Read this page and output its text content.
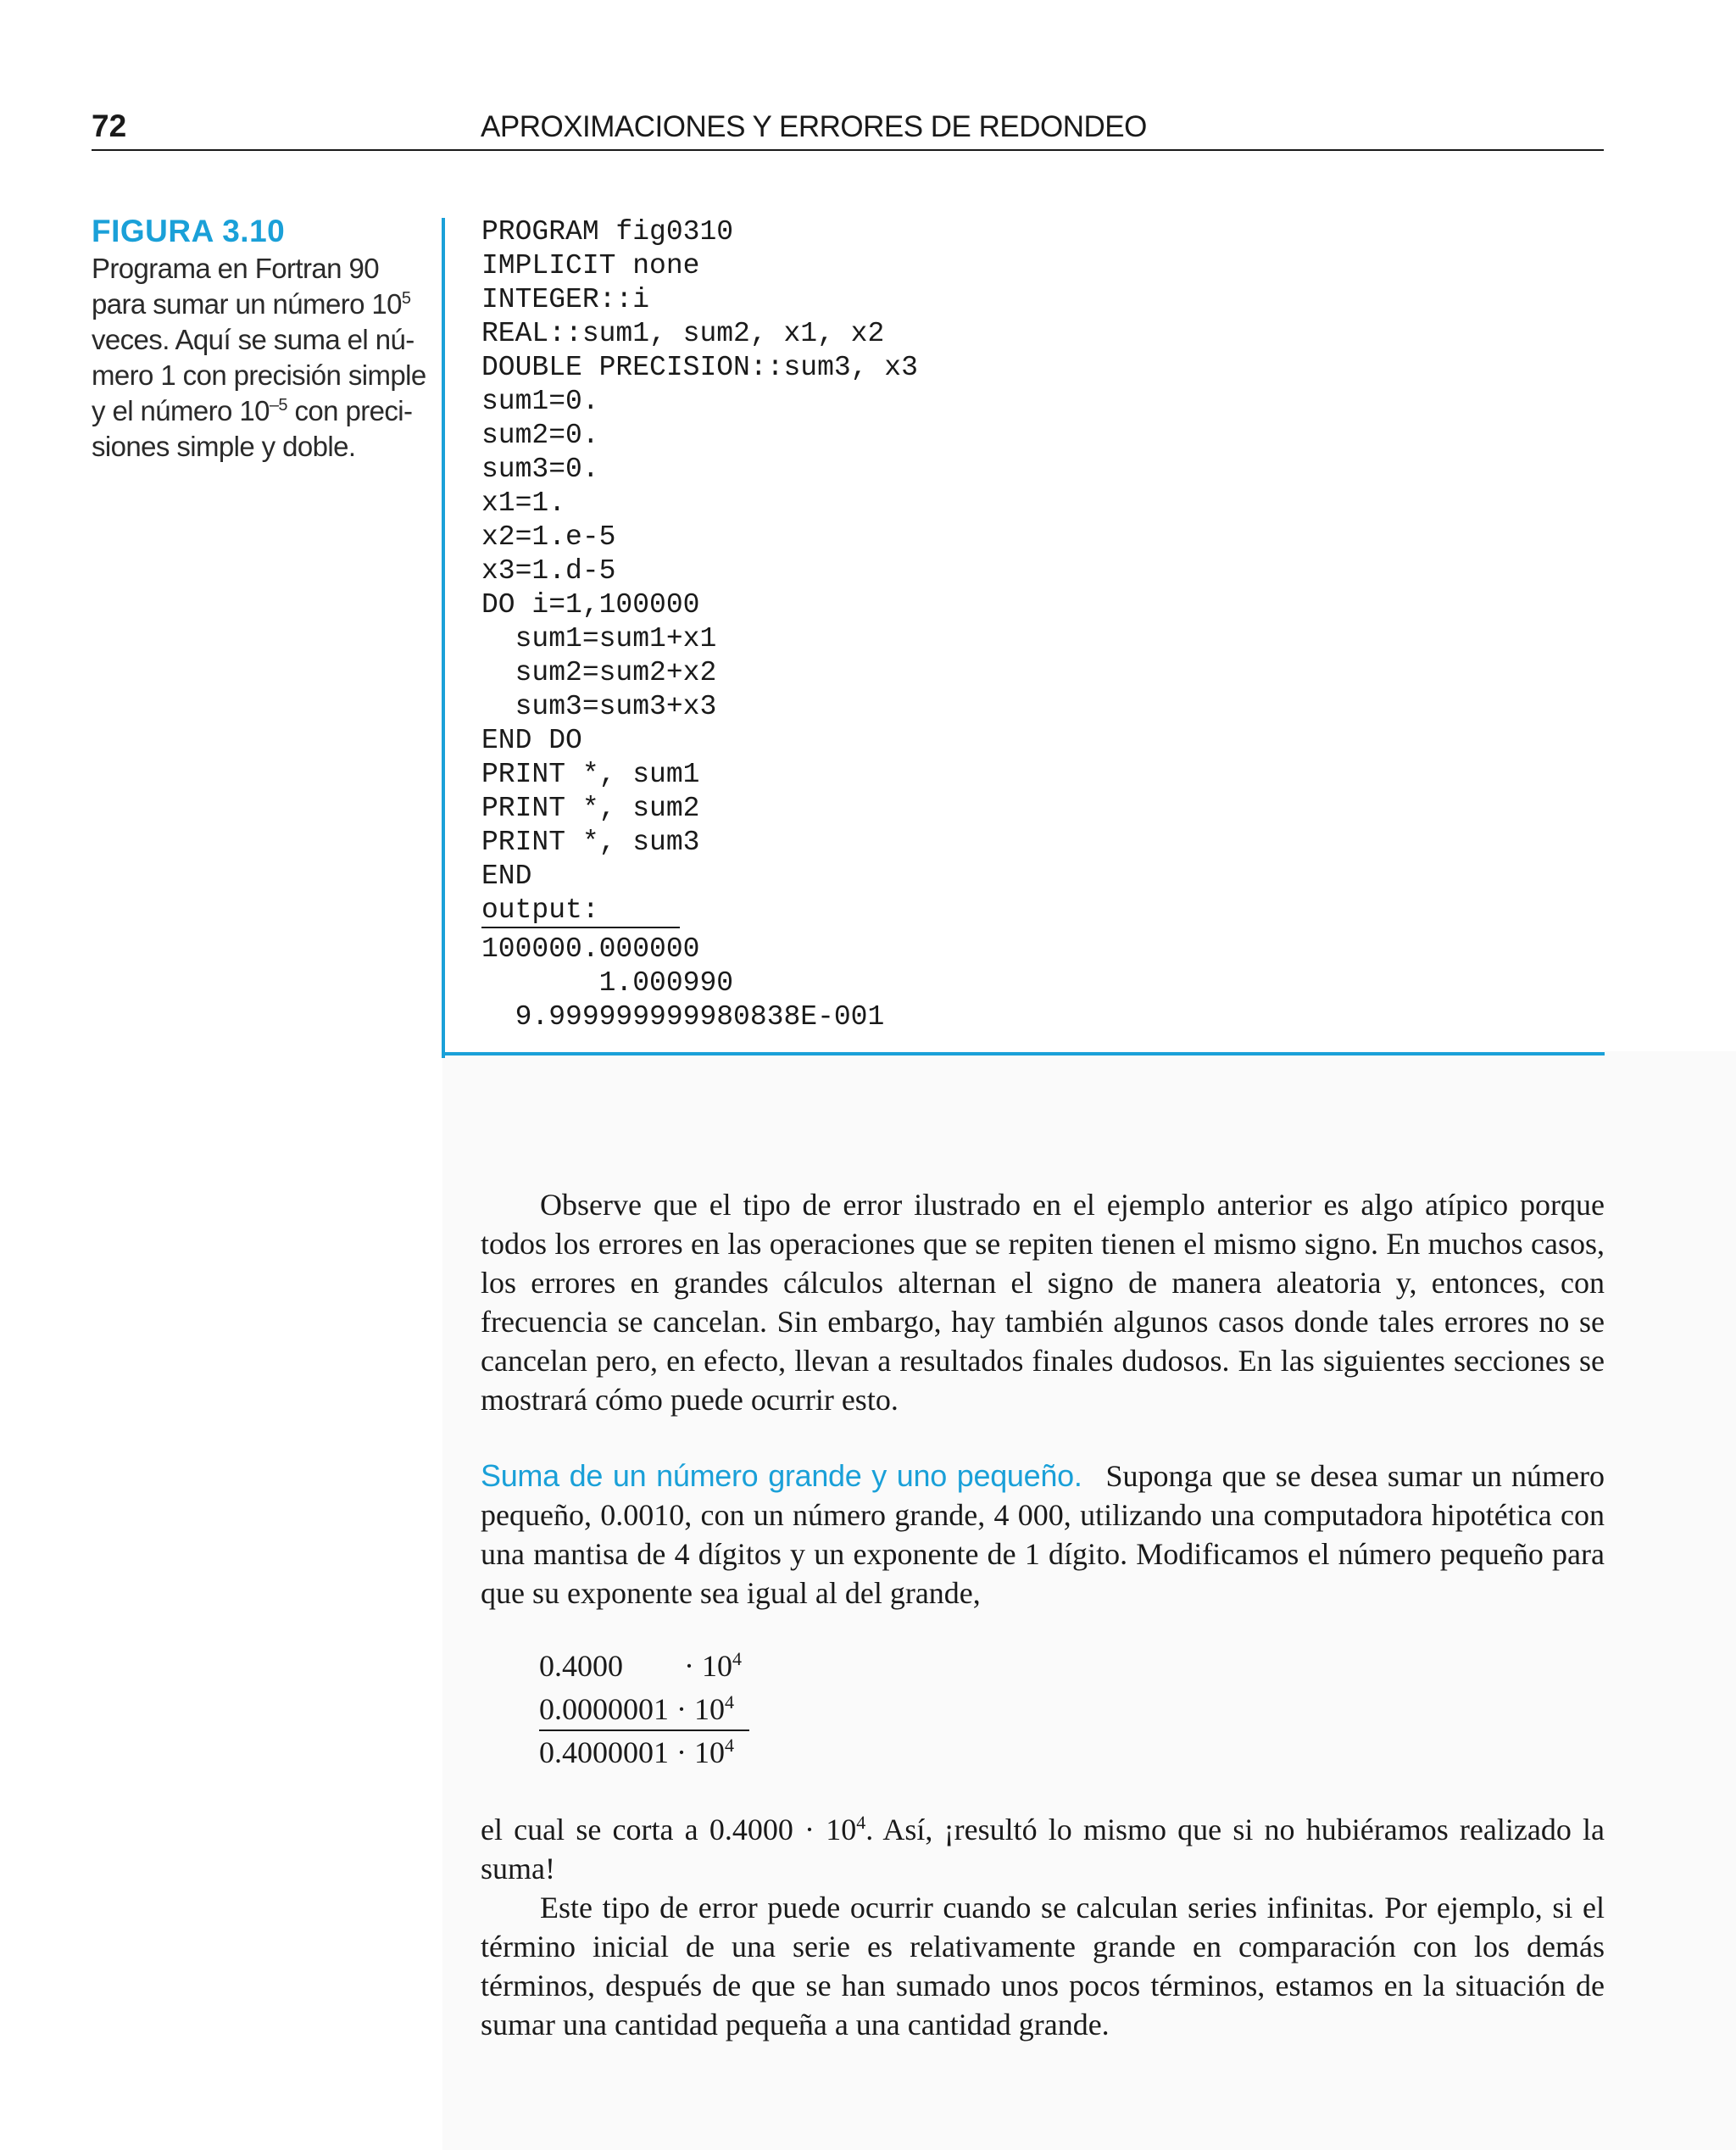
72	APROXIMACIONES Y ERRORES DE REDONDEO
FIGURA 3.10
Programa en Fortran 90
para sumar un número $10^5$
veces. Aquí se suma el nú-
mero 1 con precisión simple
y el número $10^{-5}$ con preci-
siones simple y doble.
PROGRAM fig0310
IMPLICIT none
INTEGER::i
REAL::sum1, sum2, x1, x2
DOUBLE PRECISION::sum3, x3
sum1=0.
sum2=0.
sum3=0.
x1=1.
x2=1.e-5
x3=1.d-5
DO i=1,100000
sum1=sum1+x1
sum2=sum2+x2
sum3=sum3+x3
END DO
PRINT *, sum1
PRINT *, sum2
PRINT *, sum3
END
output:
100000.000000
1.000990
9.999999999980838E-001

Observe que el tipo de error ilustrado en el ejemplo anterior es algo atípico porque todos los errores en las operaciones que se repiten tienen el mismo signo. En muchos casos, los errores en grandes cálculos alternan el signo de manera aleatoria y, entonces, con frecuencia se cancelan. Sin embargo, hay también algunos casos donde tales errores no se cancelan pero, en efecto, llevan a resultados finales dudosos. En las siguientes secciones se mostrará cómo puede ocurrir esto.

Suma de un número grande y uno pequeño. Suponga que se desea sumar un número pequeño, 0.0010, con un número grande, 4 000, utilizando una computadora hipotética con una mantisa de 4 dígitos y un exponente de 1 dígito. Modificamos el número pequeño para que su exponente sea igual al del grande,

0.4000        · $10^4$
$0.0000001 \cdot 10^4$
$0.4000001 \cdot 10^4$

el cual se corta a $0.4000 \cdot 10^4$. Así, ¡resultó lo mismo que si no hubiéramos realizado la suma!

Este tipo de error puede ocurrir cuando se calculan series infinitas. Por ejemplo, si el término inicial de una serie es relativamente grande en comparación con los demás términos, después de que se han sumado unos pocos términos, estamos en la situación de sumar una cantidad pequeña a una cantidad grande.
